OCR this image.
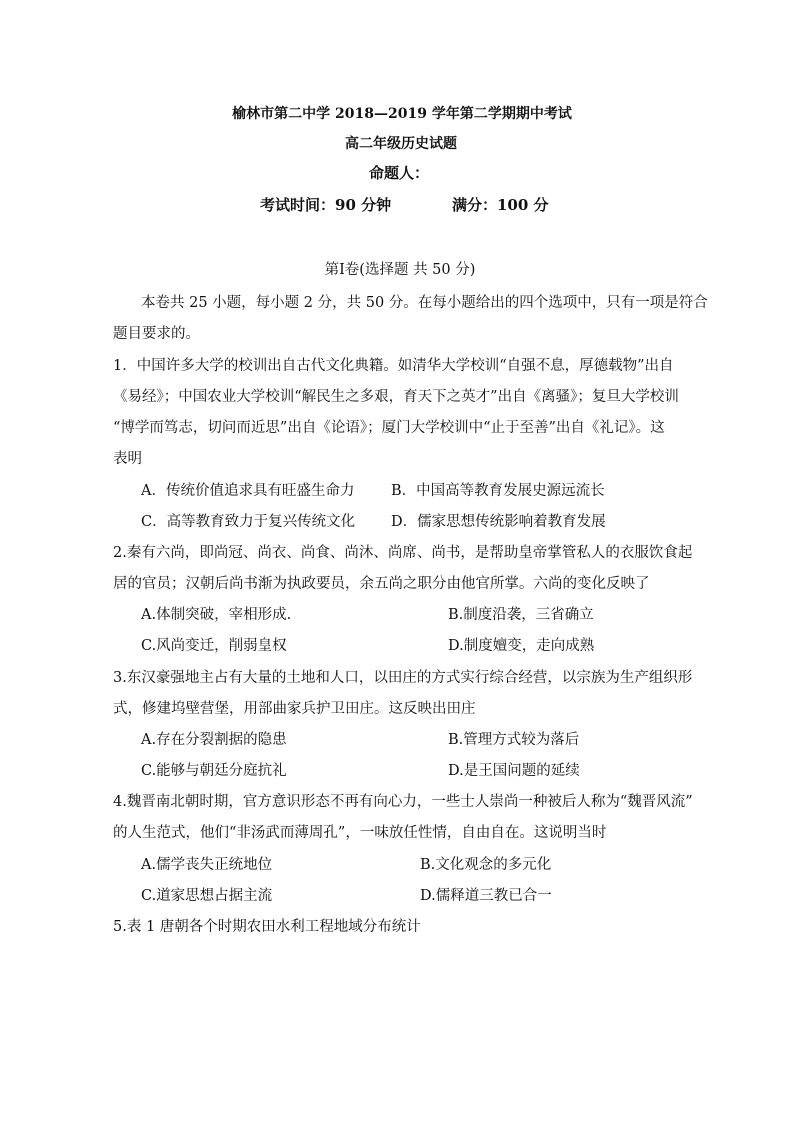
榆林市第二中学 2018—2019 学年第二学期期中考试
高二年级历史试题
命题人：
考试时间：90 分钟	满分：100 分
第Ⅰ卷(选择题 共 50 分)
本卷共 25 小题，每小题 2 分，共 50 分。在每小题给出的四个选项中，只有一项是符合
题目要求的。
1．中国许多大学的校训出自古代文化典籍。如清华大学校训“自强不息，厚德载物”出自
《易经》；中国农业大学校训“解民生之多艰，育天下之英才”出自《离骚》；复旦大学校训
“博学而笃志，切问而近思”出自《论语》；厦门大学校训中“止于至善”出自《礼记》。这
表明
A．传统价值追求具有旺盛生命力	B．中国高等教育发展史源远流长
C．高等教育致力于复兴传统文化 D．儒家思想传统影响着教育发展
2.秦有六尚，即尚冠、尚衣、尚食、尚沐、尚席、尚书，是帮助皇帝掌管私人的衣服饮食起
居的官员；汉朝后尚书渐为执政要员，余五尚之职分由他官所掌。六尚的变化反映了
A.体制突破，宰相形成.	B.制度沿袭，三省确立
C.风尚变迁，削弱皇权	D.制度嬗变，走向成熟
3.东汉豪强地主占有大量的土地和人口，以田庄的方式实行综合经营，以宗族为生产组织形
式，修建坞壁营堡，用部曲家兵护卫田庄。这反映出田庄
A.存在分裂割据的隐患	B.管理方式较为落后
C.能够与朝廷分庭抗礼	D.是王国问题的延续
4.魏晋南北朝时期，官方意识形态不再有向心力，一些士人崇尚一种被后人称为“魏晋风流”
的人生范式，他们“非汤武而薄周孔”，一味放任性情，自由自在。这说明当时
A.儒学丧失正统地位	B.文化观念的多元化
C.道家思想占据主流	D.儒释道三教已合一
5.表 1 唐朝各个时期农田水利工程地域分布统计
